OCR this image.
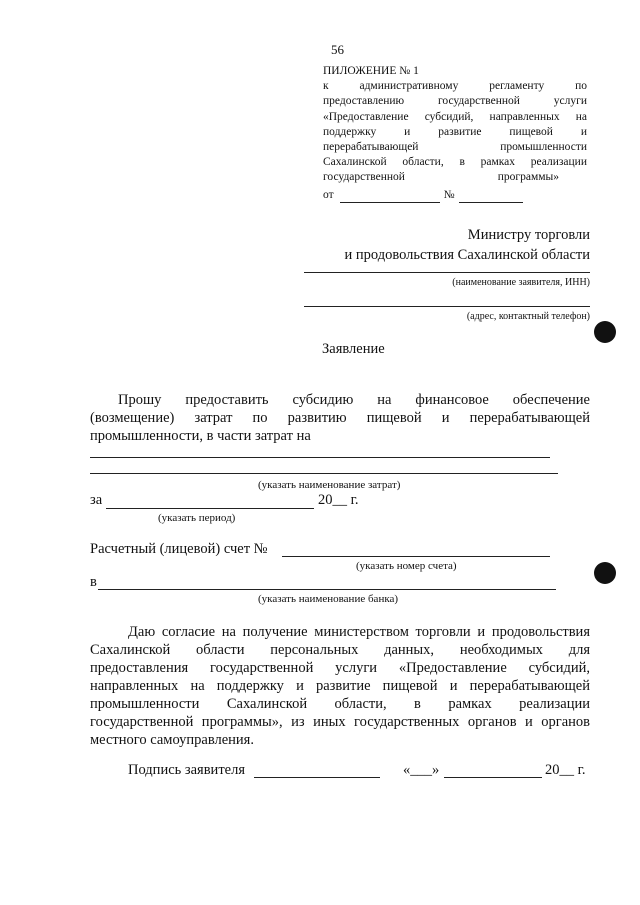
56
ПИЛОЖЕНИЕ № 1
к административному регламенту по
предоставлению государственной услуги
«Предоставление субсидий, направленных на
поддержку и развитие пищевой и
перерабатывающей промышленности
Сахалинской области, в рамках реализации
государственной программы»
от	№
Министру торговли
и продовольствия Сахалинской области
(наименование заявителя, ИНН)
(адрес, контактный телефон)
Заявление
Прошу предоставить субсидию на финансовое обеспечение
(возмещение) затрат по развитию пищевой и перерабатывающей
промышленности, в части затрат на
(указать наименование затрат)
за	20__ г.
(указать период)
Расчетный (лицевой) счет №
(указать номер счета)
в
(указать наименование банка)
Даю согласие на получение министерством торговли и продовольствия
Сахалинской области персональных данных, необходимых для
предоставления государственной услуги «Предоставление субсидий,
направленных на поддержку и развитие пищевой и перерабатывающей
промышленности Сахалинской области, в рамках реализации
государственной программы», из иных государственных органов и органов
местного самоуправления.
Подпись заявителя	«___»	20__ г.
